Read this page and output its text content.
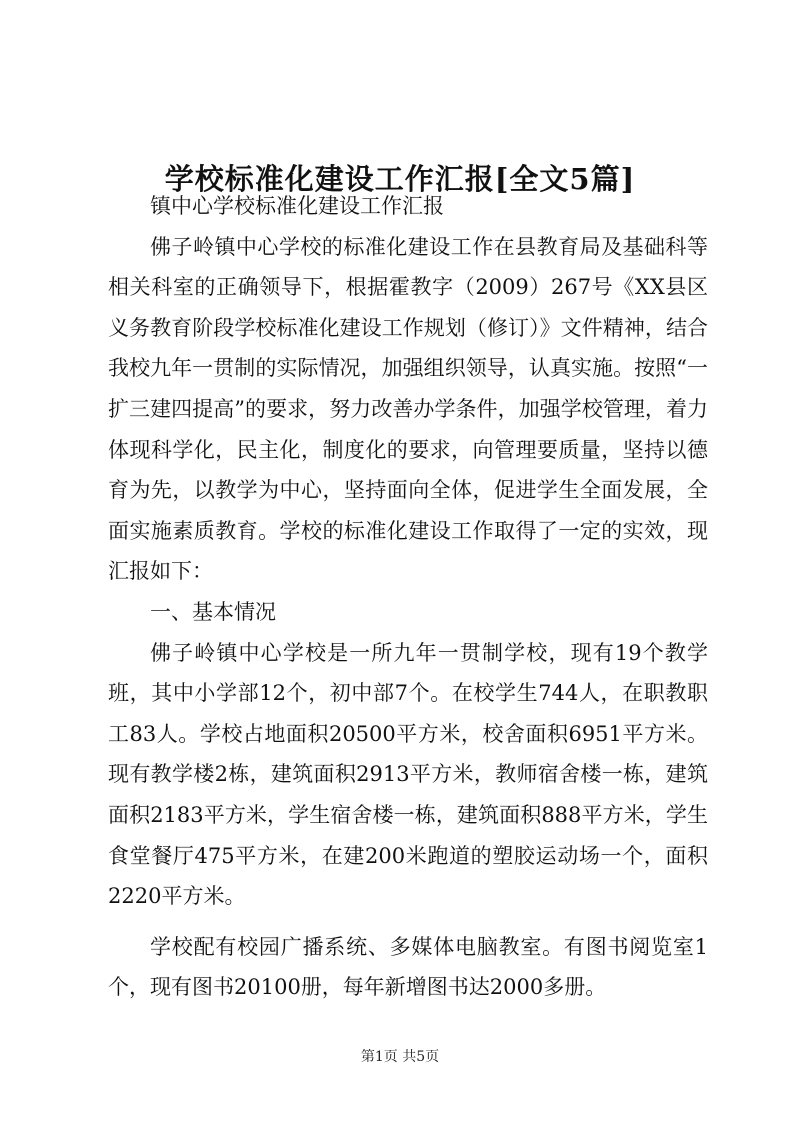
学校标准化建设工作汇报[全文5篇]

镇中心学校标准化建设工作汇报

佛子岭镇中心学校的标准化建设工作在县教育局及基础科等相关科室的正确领导下，根据霍教字（2009）267号《XX县区义务教育阶段学校标准化建设工作规划（修订）》文件精神，结合我校九年一贯制的实际情况，加强组织领导，认真实施。按照“一扩三建四提高”的要求，努力改善办学条件，加强学校管理，着力体现科学化，民主化，制度化的要求，向管理要质量，坚持以德育为先，以教学为中心，坚持面向全体，促进学生全面发展，全面实施素质教育。学校的标准化建设工作取得了一定的实效，现汇报如下：

一、基本情况

佛子岭镇中心学校是一所九年一贯制学校，现有19个教学班，其中小学部12个，初中部7个。在校学生744人，在职教职工83人。学校占地面积20500平方米，校舍面积6951平方米。现有教学楼2栋，建筑面积2913平方米，教师宿舍楼一栋，建筑面积2183平方米，学生宿舍楼一栋，建筑面积888平方米，学生食堂餐厅475平方米，在建200米跑道的塑胶运动场一个，面积2220平方米。

学校配有校园广播系统、多媒体电脑教室。有图书阅览室1个，现有图书20100册，每年新增图书达2000多册。

第1页 共5页
